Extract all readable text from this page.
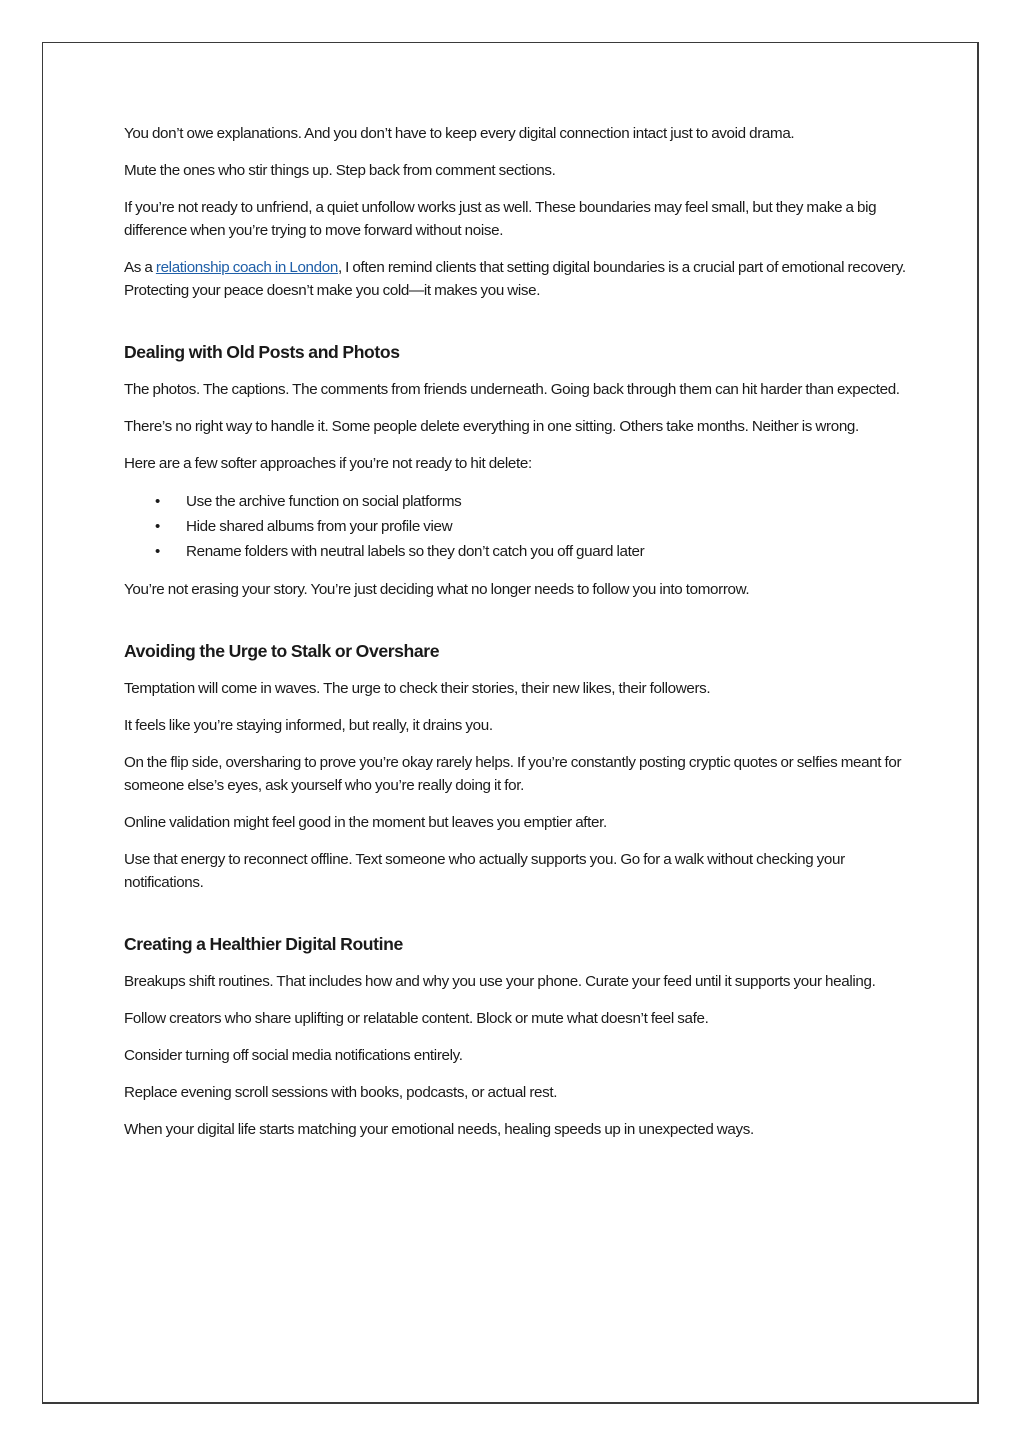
You don’t owe explanations. And you don’t have to keep every digital connection intact just to avoid drama.

Mute the ones who stir things up. Step back from comment sections.

If you’re not ready to unfriend, a quiet unfollow works just as well. These boundaries may feel small, but they make a big difference when you’re trying to move forward without noise.

As a relationship coach in London, I often remind clients that setting digital boundaries is a crucial part of emotional recovery. Protecting your peace doesn’t make you cold—it makes you wise.

Dealing with Old Posts and Photos

The photos. The captions. The comments from friends underneath. Going back through them can hit harder than expected.

There’s no right way to handle it. Some people delete everything in one sitting. Others take months. Neither is wrong.

Here are a few softer approaches if you’re not ready to hit delete:

• Use the archive function on social platforms
• Hide shared albums from your profile view
• Rename folders with neutral labels so they don’t catch you off guard later

You’re not erasing your story. You’re just deciding what no longer needs to follow you into tomorrow.

Avoiding the Urge to Stalk or Overshare

Temptation will come in waves. The urge to check their stories, their new likes, their followers.

It feels like you’re staying informed, but really, it drains you.

On the flip side, oversharing to prove you’re okay rarely helps. If you’re constantly posting cryptic quotes or selfies meant for someone else’s eyes, ask yourself who you’re really doing it for.

Online validation might feel good in the moment but leaves you emptier after.

Use that energy to reconnect offline. Text someone who actually supports you. Go for a walk without checking your notifications.

Creating a Healthier Digital Routine

Breakups shift routines. That includes how and why you use your phone. Curate your feed until it supports your healing.

Follow creators who share uplifting or relatable content. Block or mute what doesn’t feel safe.

Consider turning off social media notifications entirely.

Replace evening scroll sessions with books, podcasts, or actual rest.

When your digital life starts matching your emotional needs, healing speeds up in unexpected ways.
